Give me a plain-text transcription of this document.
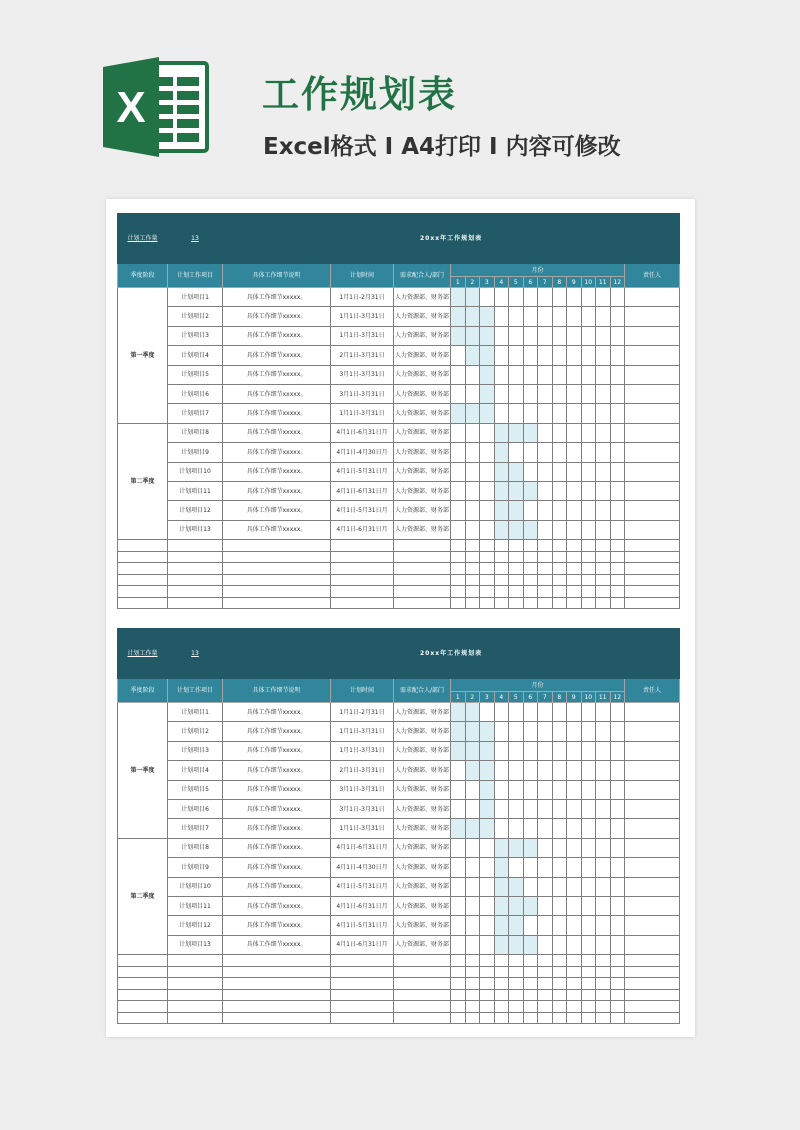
X	工作规划表
Excel格式 I A4打印 I 内容可修改
计划工作量	13	20xx年工作规划表															
季度阶段	计划工作项目	具体工作细节说明	计划时间	需求配合人/部门	月份												责任人
					1	2	3	4	5	6	7	8	9	10	11	12	
第一季度	计划项目1	具体工作细节xxxxx。	1月1日-2月31日	人力资源部、财务部													
	计划项目2	具体工作细节xxxxx。	1月1日-3月31日	人力资源部、财务部													
	计划项目3	具体工作细节xxxxx。	1月1日-3月31日	人力资源部、财务部													
	计划项目4	具体工作细节xxxxx。	2月1日-3月31日	人力资源部、财务部													
	计划项目5	具体工作细节xxxxx。	3月1日-3月31日	人力资源部、财务部													
	计划项目6	具体工作细节xxxxx。	3月1日-3月31日	人力资源部、财务部													
	计划项目7	具体工作细节xxxxx。	1月1日-3月31日	人力资源部、财务部													
第二季度	计划项目8	具体工作细节xxxxx。	4月1日-6月31日月	人力资源部、财务部													
	计划项目9	具体工作细节xxxxx。	4月1日-4月30日月	人力资源部、财务部													
	计划项目10	具体工作细节xxxxx。	4月1日-5月31日月	人力资源部、财务部													
	计划项目11	具体工作细节xxxxx。	4月1日-6月31日月	人力资源部、财务部													
	计划项目12	具体工作细节xxxxx。	4月1日-5月31日月	人力资源部、财务部													
	计划项目13	具体工作细节xxxxx。	4月1日-6月31日月	人力资源部、财务部													

计划工作量	13	20xx年工作规划表															
季度阶段	计划工作项目	具体工作细节说明	计划时间	需求配合人/部门	月份												责任人
					1	2	3	4	5	6	7	8	9	10	11	12	
第一季度	计划项目1	具体工作细节xxxxx。	1月1日-2月31日	人力资源部、财务部													
	计划项目2	具体工作细节xxxxx。	1月1日-3月31日	人力资源部、财务部													
	计划项目3	具体工作细节xxxxx。	1月1日-3月31日	人力资源部、财务部													
	计划项目4	具体工作细节xxxxx。	2月1日-3月31日	人力资源部、财务部													
	计划项目5	具体工作细节xxxxx。	3月1日-3月31日	人力资源部、财务部													
	计划项目6	具体工作细节xxxxx。	3月1日-3月31日	人力资源部、财务部													
	计划项目7	具体工作细节xxxxx。	1月1日-3月31日	人力资源部、财务部													
第二季度	计划项目8	具体工作细节xxxxx。	4月1日-6月31日月	人力资源部、财务部													
	计划项目9	具体工作细节xxxxx。	4月1日-4月30日月	人力资源部、财务部													
	计划项目10	具体工作细节xxxxx。	4月1日-5月31日月	人力资源部、财务部													
	计划项目11	具体工作细节xxxxx。	4月1日-6月31日月	人力资源部、财务部													
	计划项目12	具体工作细节xxxxx。	4月1日-5月31日月	人力资源部、财务部													
	计划项目13	具体工作细节xxxxx。	4月1日-6月31日月	人力资源部、财务部													
